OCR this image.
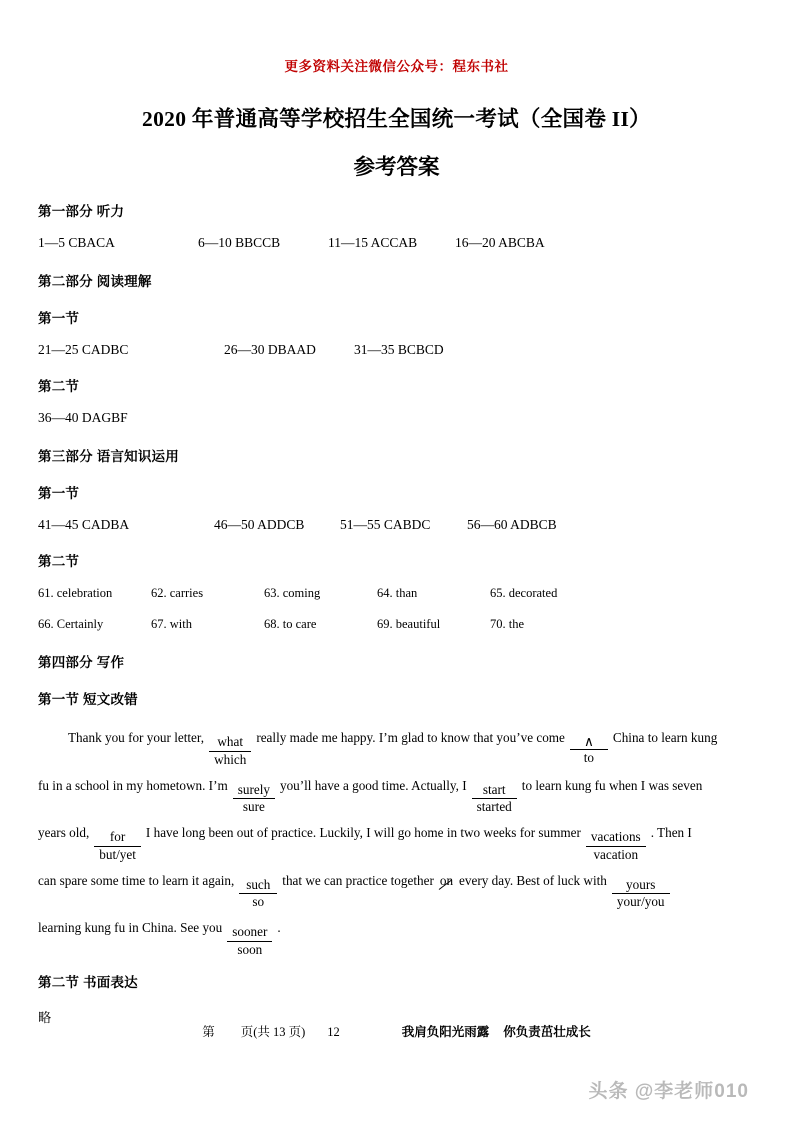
更多资料关注微信公众号：程东书社
2020 年普通高等学校招生全国统一考试（全国卷 II）
参考答案
第一部分 听力
1—5 CBACA	6—10 BBCCB	11—15 ACCAB	16—20 ABCBA
第二部分 阅读理解
第一节
21—25 CADBC	26—30 DBAAD	31—35 BCBCD
第二节
36—40 DAGBF
第三部分 语言知识运用
第一节
41—45 CADBA	46—50 ADDCB	51—55 CABDC	56—60 ADBCB
第二节
61. celebration	62. carries	63. coming	64. than	65. decorated
66. Certainly	67. with	68. to care	69. beautiful	70. the
第四部分 写作
第一节 短文改错
Thank you for your letter, $\frac{\text{what}}{\text{which}}$ really made me happy. I’m glad to know that you’ve come $\frac{\wedge}{to}$ China to learn kung
fu in a school in my hometown. I’m $\frac{\text{surely}}{\text{sure}}$ you’ll have a good time. Actually, I $\frac{\text{start}}{\text{started}}$ to learn kung fu when I was seven
years old, $\frac{\text{for}}{\text{but/yet}}$ I have long been out of practice. Luckily, I will go home in two weeks for summer $\frac{\text{vacations}}{\text{vacation}}$ . Then I
can spare some time to learn it again, $\frac{\text{such}}{so}$ that we can practice together on every day. Best of luck with $\frac{\text{yours}}{\text{your/you}}$
learning kung fu in China. See you $\frac{\text{sooner}}{\text{soon}}$ .
第二节 书面表达
略
第 页(共 13 页) 12	我肩负阳光雨露 你负责茁壮成长
头条 @李老师010
